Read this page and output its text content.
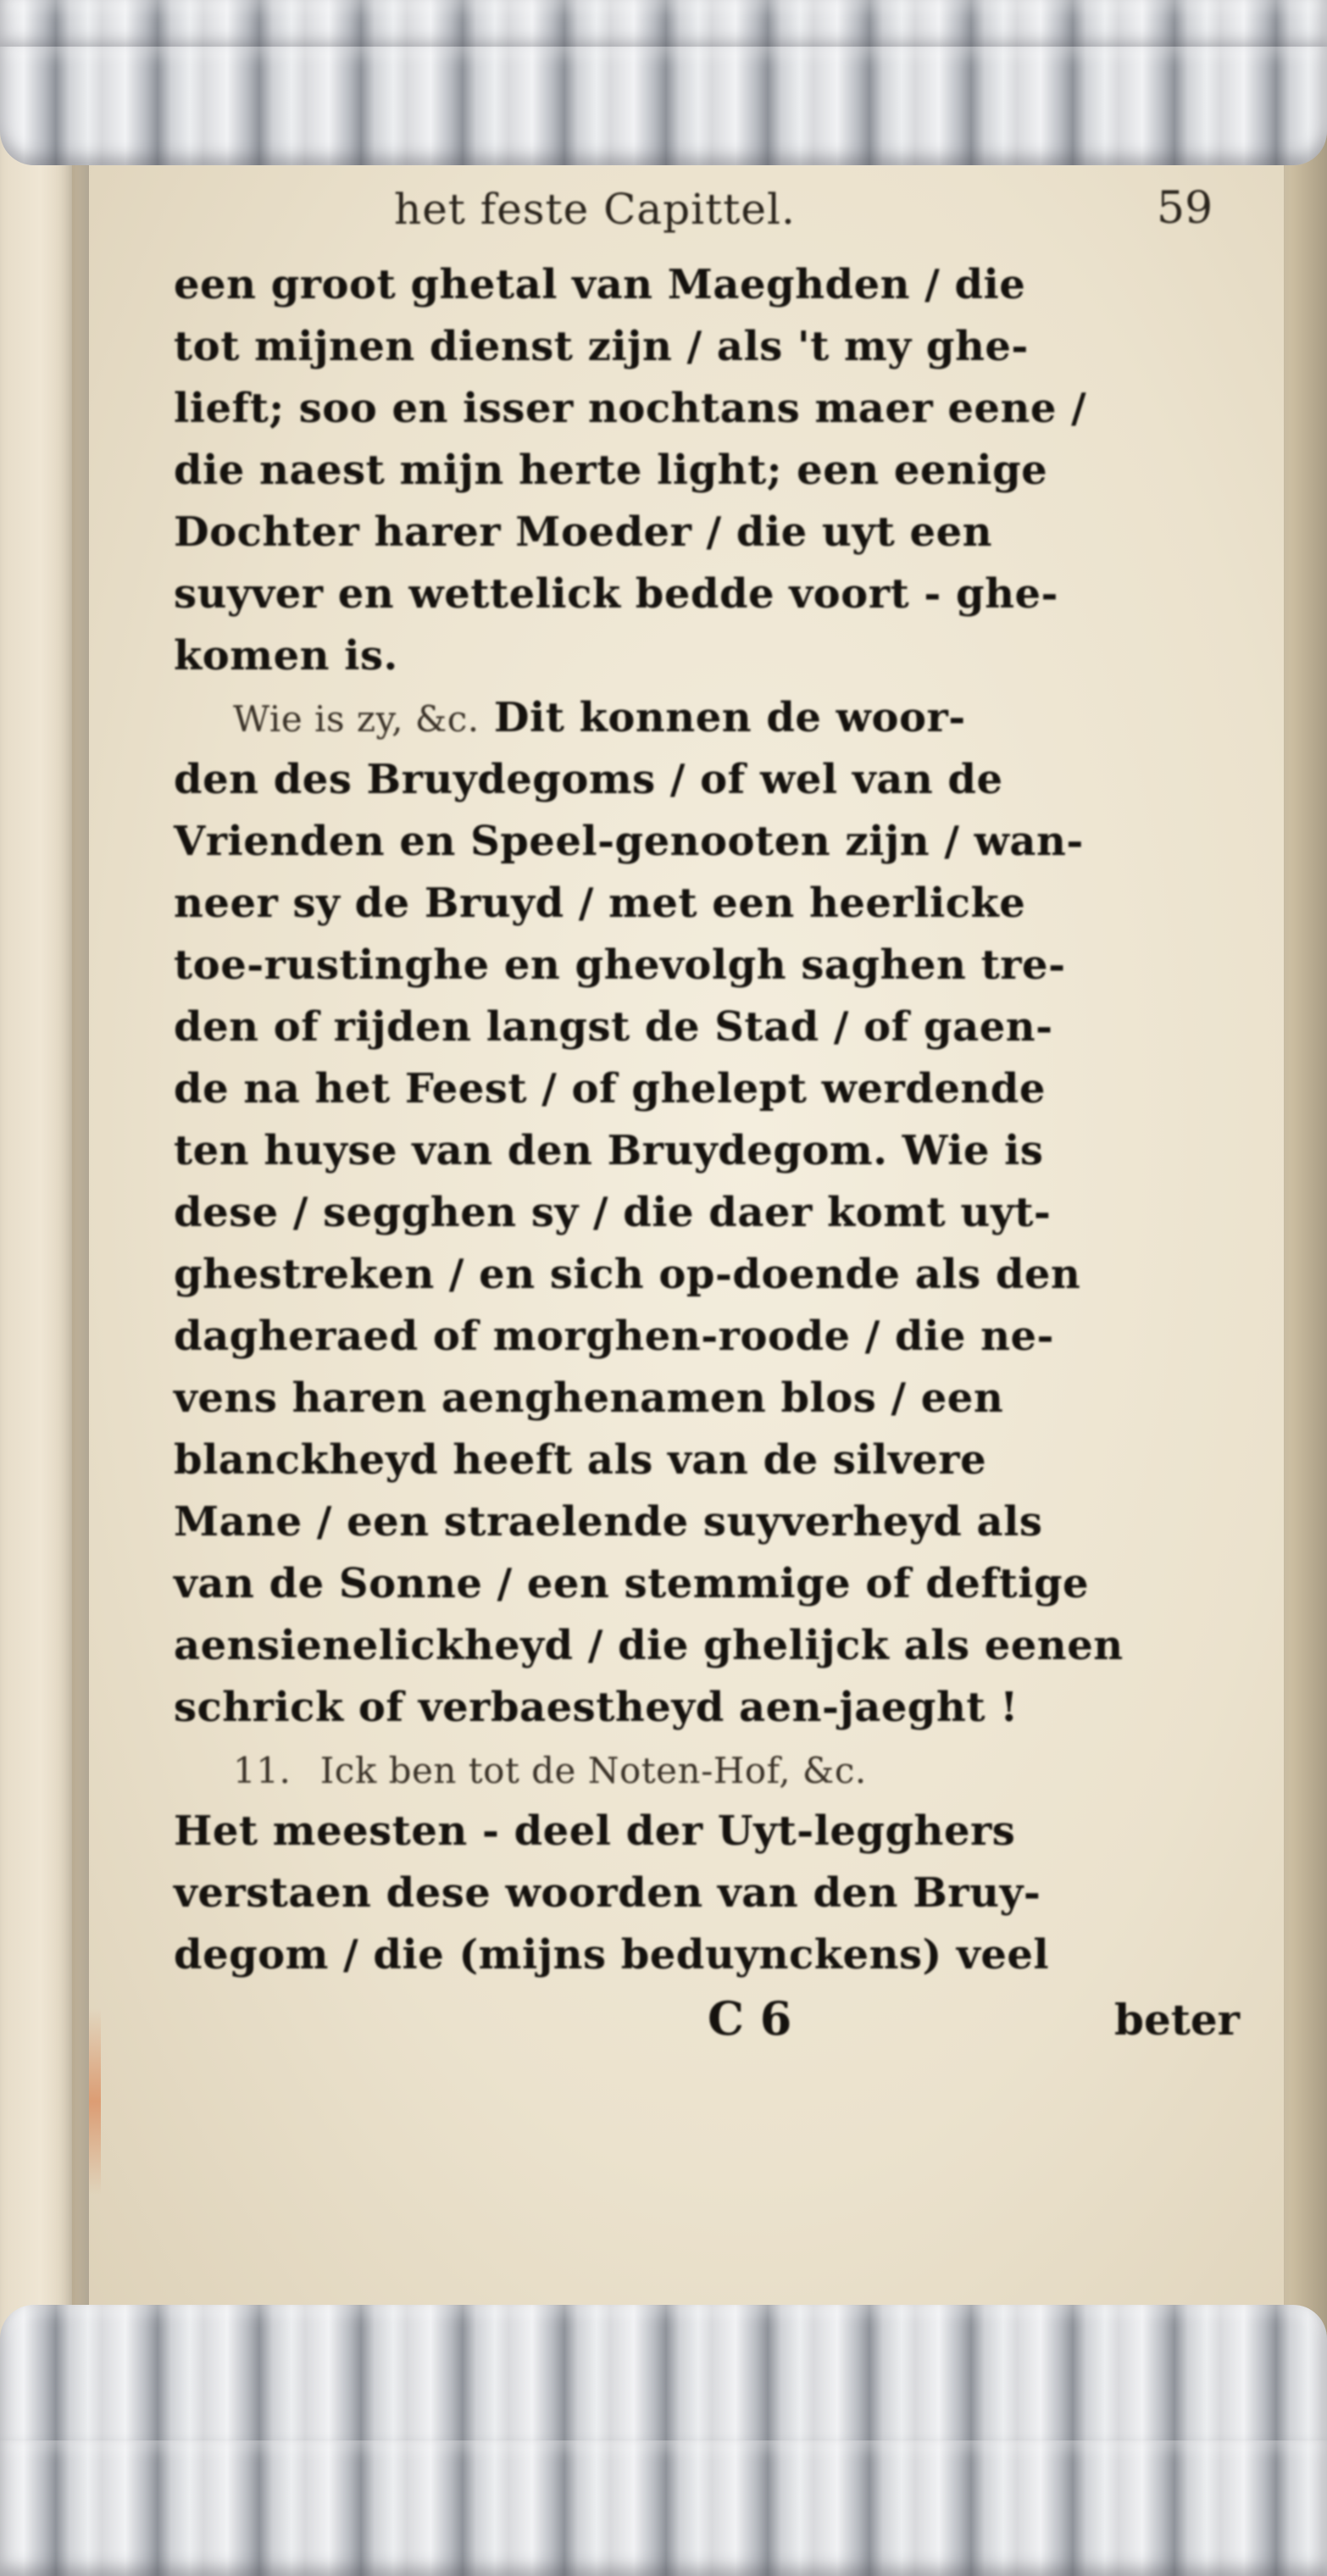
het feste Capittel.	59
een groot ghetal van Maeghden / die
tot mijnen dienst zijn / als 't my ghe-
lieft; soo en isser nochtans maer eene /
die naest mijn herte light; een eenige
Dochter harer Moeder / die uyt een
suyver en wettelick bedde voort - ghe-
komen is.
Wie is zy, &c. Dit konnen de woor-
den des Bruydegoms / of wel van de
Vrienden en Speel-genooten zijn / wan-
neer sy de Bruyd / met een heerlicke
toe-rustinghe en ghevolgh saghen tre-
den of rijden langst de Stad / of gaen-
de na het Feest / of ghelept werdende
ten huyse van den Bruydegom. Wie is
dese / segghen sy / die daer komt uyt-
ghestreken / en sich op-doende als den
dagheraed of morghen-roode / die ne-
vens haren aenghenamen blos / een
blanckheyd heeft als van de silvere
Mane / een straelende suyverheyd als
van de Sonne / een stemmige of deftige
aensienelickheyd / die ghelijck als eenen
schrick of verbaestheyd aen-jaeght !
11. Ick ben tot de Noten-Hof, &c.
Het meesten - deel der Uyt-legghers
verstaen dese woorden van den Bruy-
degom / die (mijns beduynckens) veel
C 6	beter
